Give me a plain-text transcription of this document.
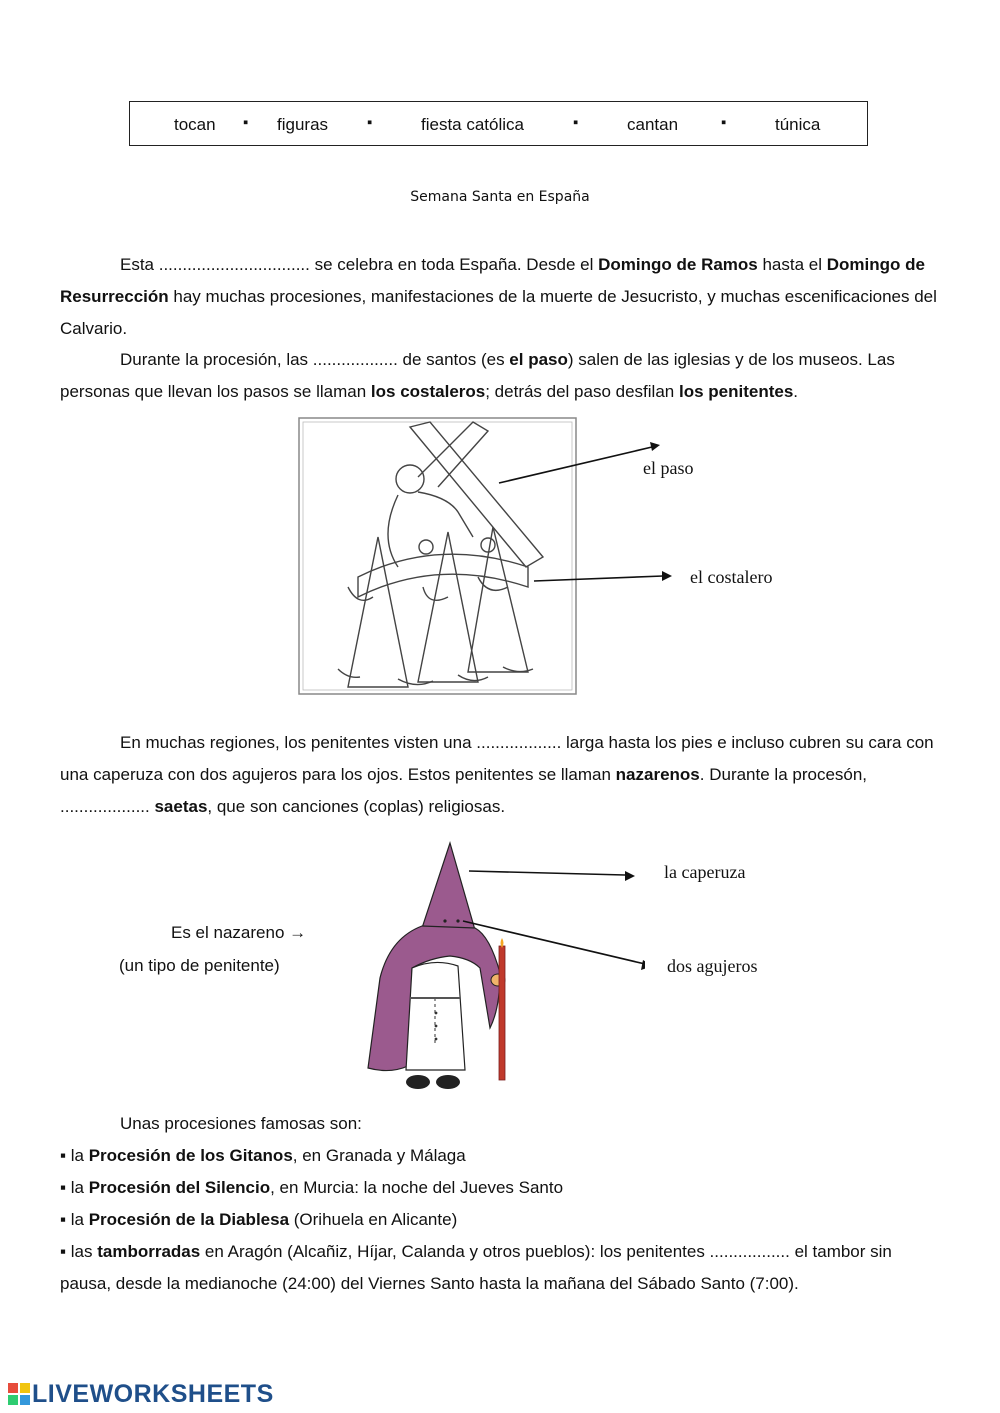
tocan ▪ figuras	▪	fiesta católica	▪	cantan	▪	túnica
Semana Santa en España
Esta ................................ se celebra en toda España. Desde el Domingo de Ramos hasta el Domingo de Resurrección hay muchas procesiones, manifestaciones de la muerte de Jesucristo, y muchas escenificaciones del Calvario.
Durante la procesión, las .................. de santos (es el paso) salen de las iglesias y de los museos. Las personas que llevan los pasos se llaman los costaleros; detrás del paso desfilan los penitentes.
el paso
el costalero
En muchas regiones, los penitentes visten una .................. larga hasta los pies e incluso cubren su cara con una caperuza con dos agujeros para los ojos. Estos penitentes se llaman nazarenos. Durante la procesón, ................... saetas, que son canciones (coplas) religiosas.
Es el nazareno →
(un tipo de penitente)
la caperuza
dos agujeros
Unas procesiones famosas son:
▪ la Procesión de los Gitanos, en Granada y Málaga
▪ la Procesión del Silencio, en Murcia: la noche del Jueves Santo
▪ la Procesión de la Diablesa (Orihuela en Alicante)
▪ las tamborradas en Aragón (Alcañiz, Híjar, Calanda y otros pueblos): los penitentes ................. el tambor sin pausa, desde la medianoche (24:00) del Viernes Santo hasta la mañana del Sábado Santo (7:00).
LIVEWORKSHEETS
